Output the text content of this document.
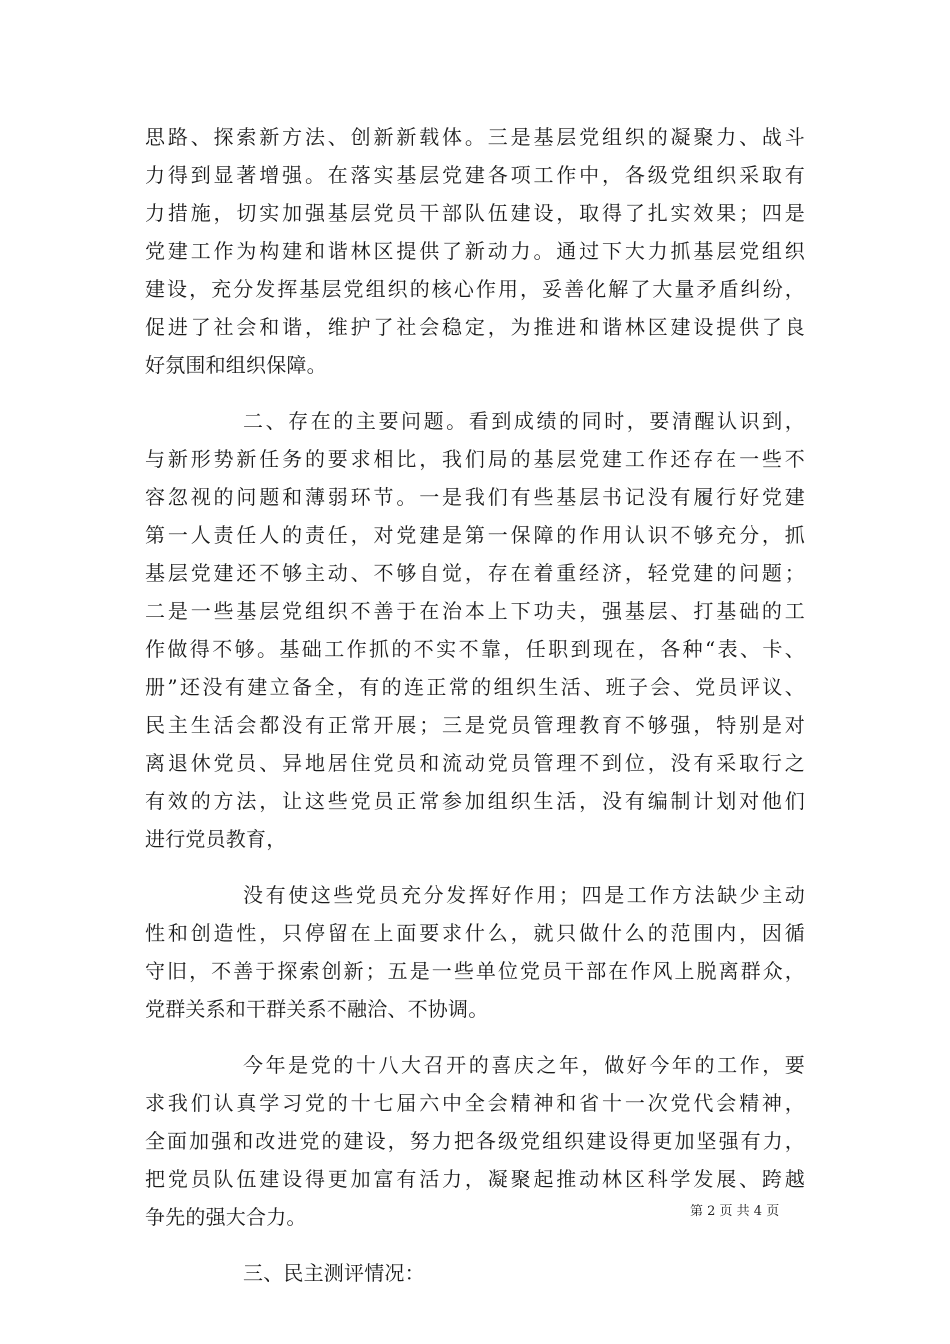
思路、探索新方法、创新新载体。三是基层党组织的凝聚力、战斗
力得到显著增强。在落实基层党建各项工作中，各级党组织采取有
力措施，切实加强基层党员干部队伍建设，取得了扎实效果；四是
党建工作为构建和谐林区提供了新动力。通过下大力抓基层党组织
建设，充分发挥基层党组织的核心作用，妥善化解了大量矛盾纠纷，
促进了社会和谐，维护了社会稳定，为推进和谐林区建设提供了良
好氛围和组织保障。
二、存在的主要问题。看到成绩的同时，要清醒认识到，
与新形势新任务的要求相比，我们局的基层党建工作还存在一些不
容忽视的问题和薄弱环节。一是我们有些基层书记没有履行好党建
第一人责任人的责任，对党建是第一保障的作用认识不够充分，抓
基层党建还不够主动、不够自觉，存在着重经济，轻党建的问题；
二是一些基层党组织不善于在治本上下功夫，强基层、打基础的工
作做得不够。基础工作抓的不实不靠，任职到现在，各种“表、卡、
册”还没有建立备全，有的连正常的组织生活、班子会、党员评议、
民主生活会都没有正常开展；三是党员管理教育不够强，特别是对
离退休党员、异地居住党员和流动党员管理不到位，没有采取行之
有效的方法，让这些党员正常参加组织生活，没有编制计划对他们
进行党员教育，
没有使这些党员充分发挥好作用；四是工作方法缺少主动
性和创造性，只停留在上面要求什么，就只做什么的范围内，因循
守旧，不善于探索创新；五是一些单位党员干部在作风上脱离群众，
党群关系和干群关系不融洽、不协调。
今年是党的十八大召开的喜庆之年，做好今年的工作，要
求我们认真学习党的十七届六中全会精神和省十一次党代会精神，
全面加强和改进党的建设，努力把各级党组织建设得更加坚强有力，
把党员队伍建设得更加富有活力，凝聚起推动林区科学发展、跨越
争先的强大合力。
三、民主测评情况：
第 2 页 共 4 页
